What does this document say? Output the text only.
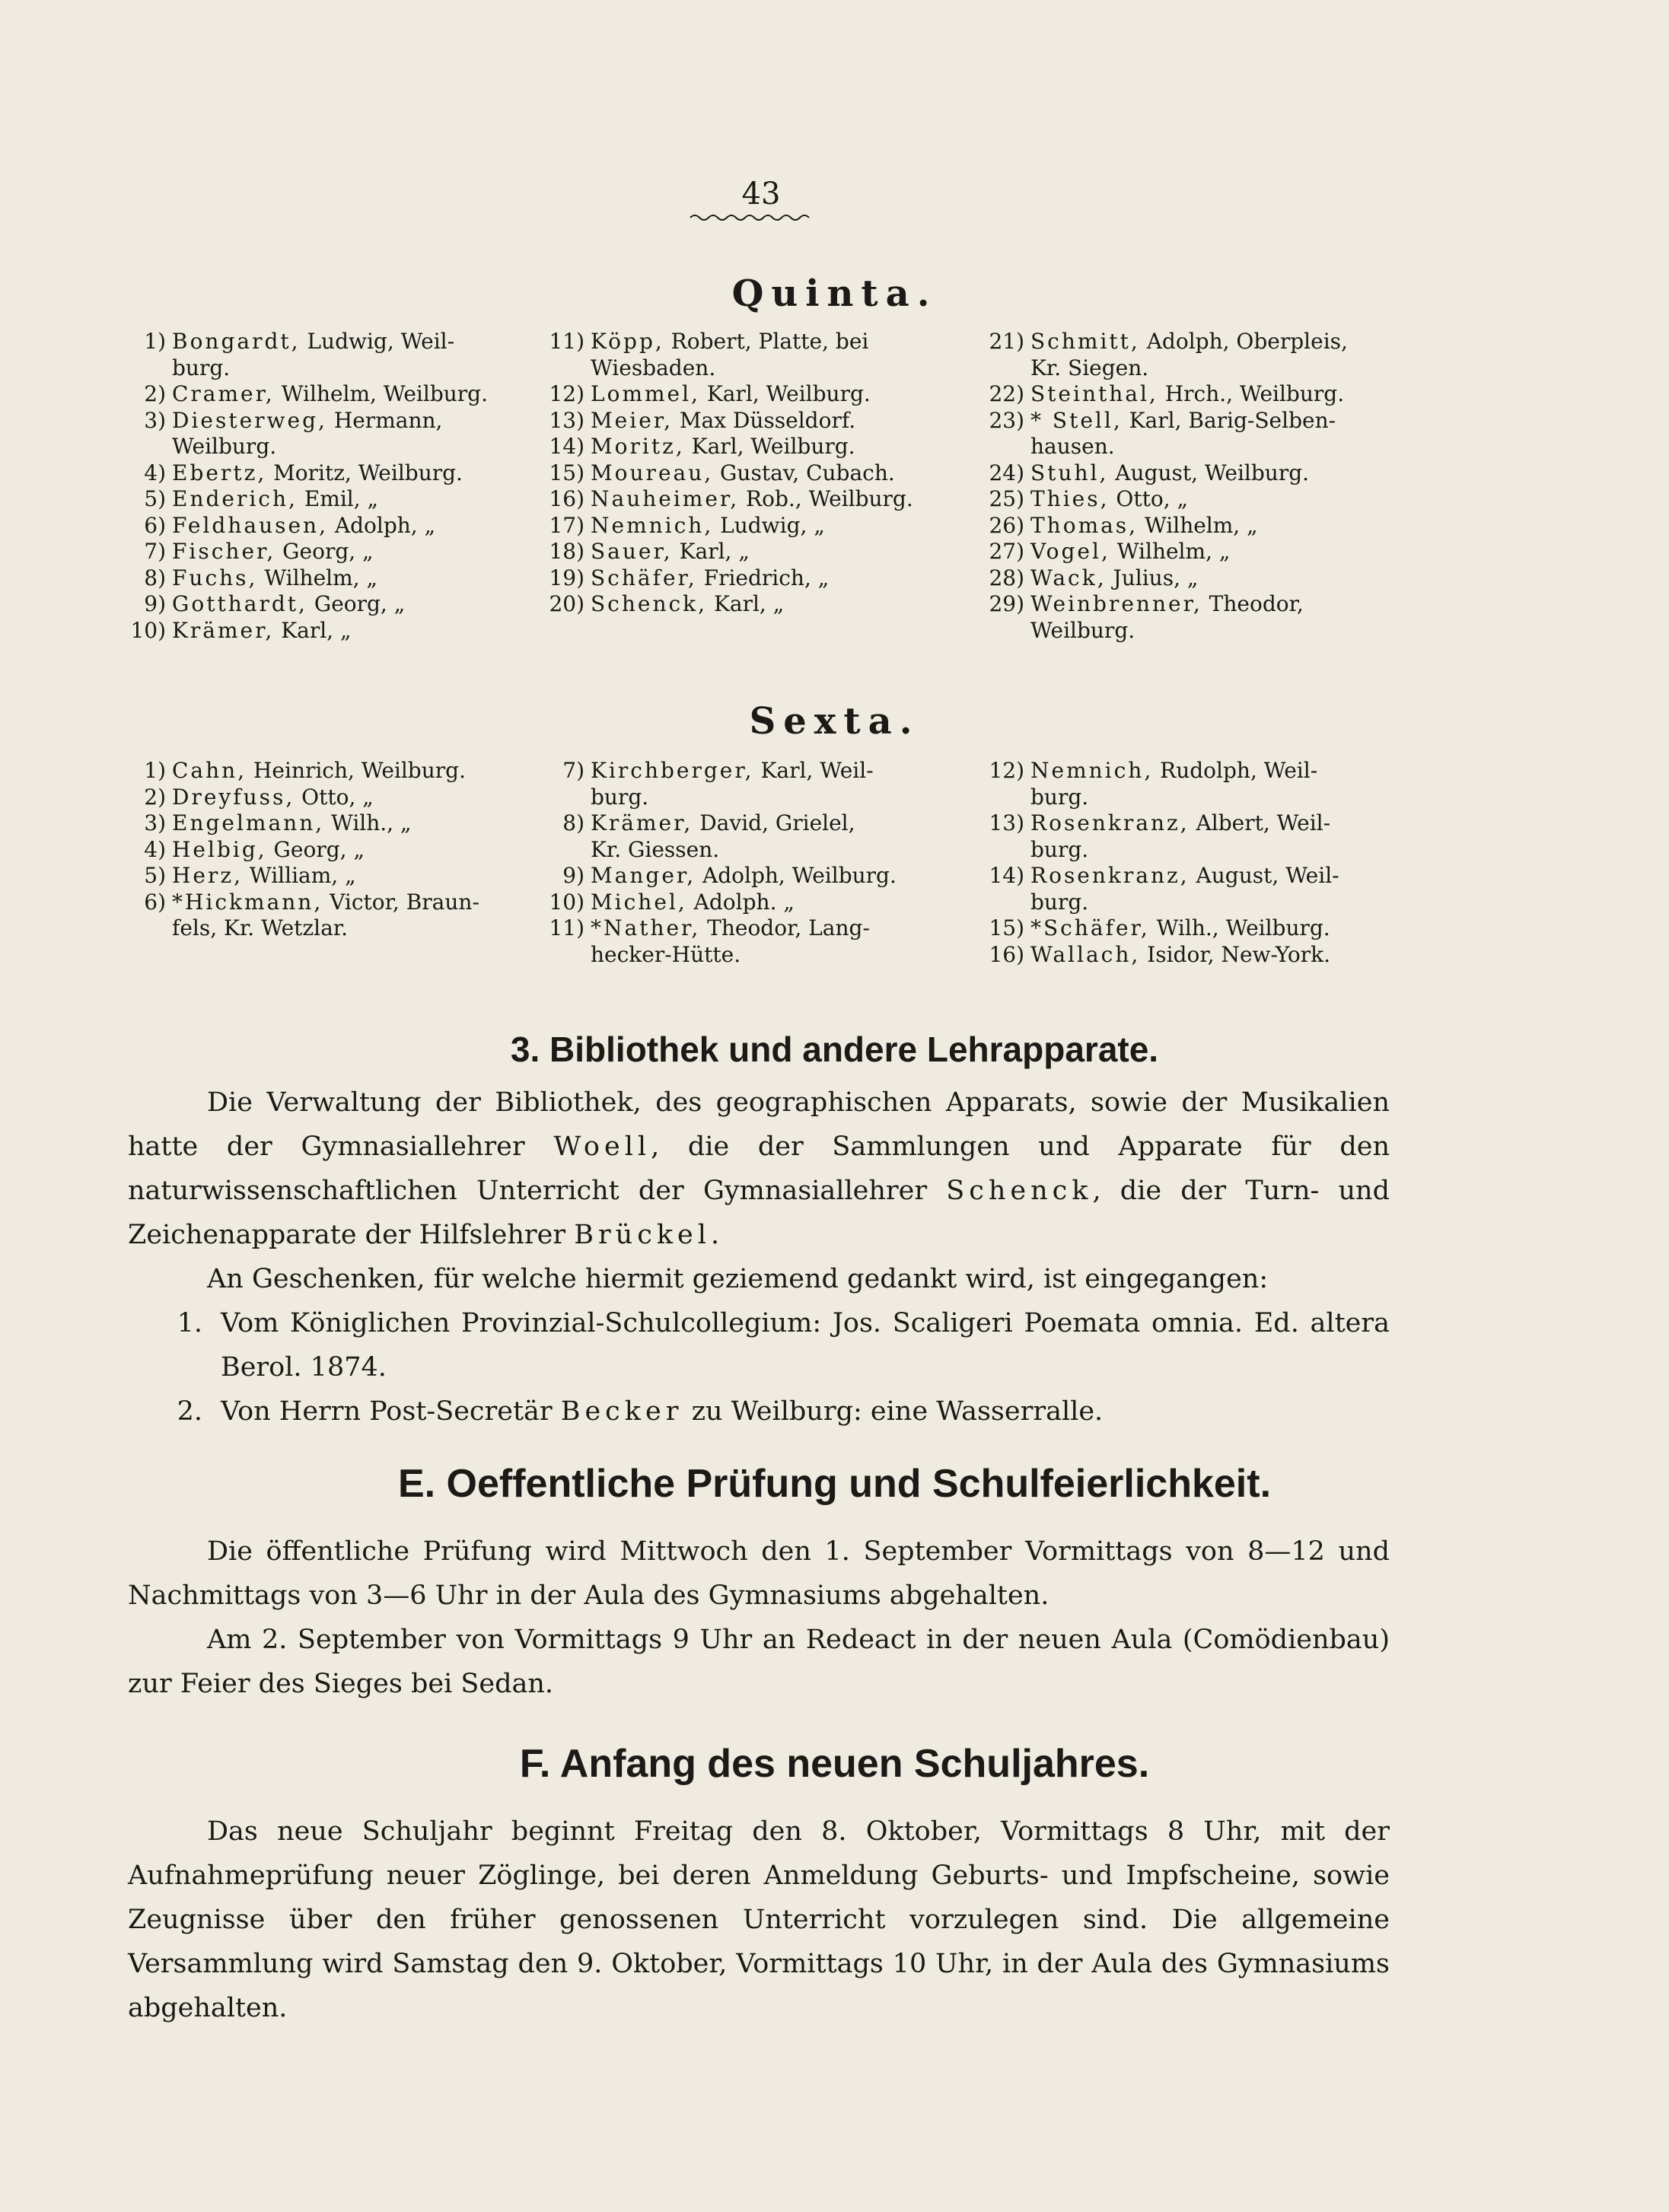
43
Quinta.
1) Bongardt, Ludwig, Weil-
burg.
2) Cramer, Wilhelm, Weilburg.
3) Diesterweg, Hermann,
Weilburg.
4) Ebertz, Moritz, Weilburg.
5) Enderich, Emil, „
6) Feldhausen, Adolph, „
7) Fischer, Georg, „
8) Fuchs, Wilhelm, „
9) Gotthardt, Georg, „
10) Krämer, Karl, „
11) Köpp, Robert, Platte, bei
Wiesbaden.
12) Lommel, Karl, Weilburg.
13) Meier, Max Düsseldorf.
14) Moritz, Karl, Weilburg.
15) Moureau, Gustav, Cubach.
16) Nauheimer, Rob., Weilburg.
17) Nemnich, Ludwig, „
18) Sauer, Karl, „
19) Schäfer, Friedrich, „
20) Schenck, Karl, „
21) Schmitt, Adolph, Oberpleis,
Kr. Siegen.
22) Steinthal, Hrch., Weilburg.
23) * Stell, Karl, Barig-Selben-
hausen.
24) Stuhl, August, Weilburg.
25) Thies, Otto, „
26) Thomas, Wilhelm, „
27) Vogel, Wilhelm, „
28) Wack, Julius, „
29) Weinbrenner, Theodor,
Weilburg.
Sexta.
1) Cahn, Heinrich, Weilburg.
2) Dreyfuss, Otto, „
3) Engelmann, Wilh., „
4) Helbig, Georg, „
5) Herz, William, „
6) *Hickmann, Victor, Braun-
fels, Kr. Wetzlar.
7) Kirchberger, Karl, Weil-
burg.
8) Krämer, David, Grielel,
Kr. Giessen.
9) Manger, Adolph, Weilburg.
10) Michel, Adolph. „
11) *Nather, Theodor, Lang-
hecker-Hütte.
12) Nemnich, Rudolph, Weil-
burg.
13) Rosenkranz, Albert, Weil-
burg.
14) Rosenkranz, August, Weil-
burg.
15) *Schäfer, Wilh., Weilburg.
16) Wallach, Isidor, New-York.
3. Bibliothek und andere Lehrapparate.

Die Verwaltung der Bibliothek, des geographischen Apparats, sowie der Musikalien hatte der Gymnasiallehrer Woell, die der Sammlungen und Apparate für den naturwissenschaftlichen Unterricht der Gymnasiallehrer Schenck, die der Turn- und Zeichenapparate der Hilfslehrer Brückel.

An Geschenken, für welche hiermit geziemend gedankt wird, ist eingegangen:

1. Vom Königlichen Provinzial-Schulcollegium: Jos. Scaligeri Poemata omnia. Ed. altera Berol. 1874.
2. Von Herrn Post-Secretär Becker zu Weilburg: eine Wasserralle.
E. Oeffentliche Prüfung und Schulfeierlichkeit.

Die öffentliche Prüfung wird Mittwoch den 1. September Vormittags von 8—12 und Nachmittags von 3—6 Uhr in der Aula des Gymnasiums abgehalten.

Am 2. September von Vormittags 9 Uhr an Redeact in der neuen Aula (Comödienbau) zur Feier des Sieges bei Sedan.

F. Anfang des neuen Schuljahres.

Das neue Schuljahr beginnt Freitag den 8. Oktober, Vormittags 8 Uhr, mit der Aufnahmeprüfung neuer Zöglinge, bei deren Anmeldung Geburts- und Impfscheine, sowie Zeugnisse über den früher genossenen Unterricht vorzulegen sind. Die allgemeine Versammlung wird Samstag den 9. Oktober, Vormittags 10 Uhr, in der Aula des Gymnasiums abgehalten.
